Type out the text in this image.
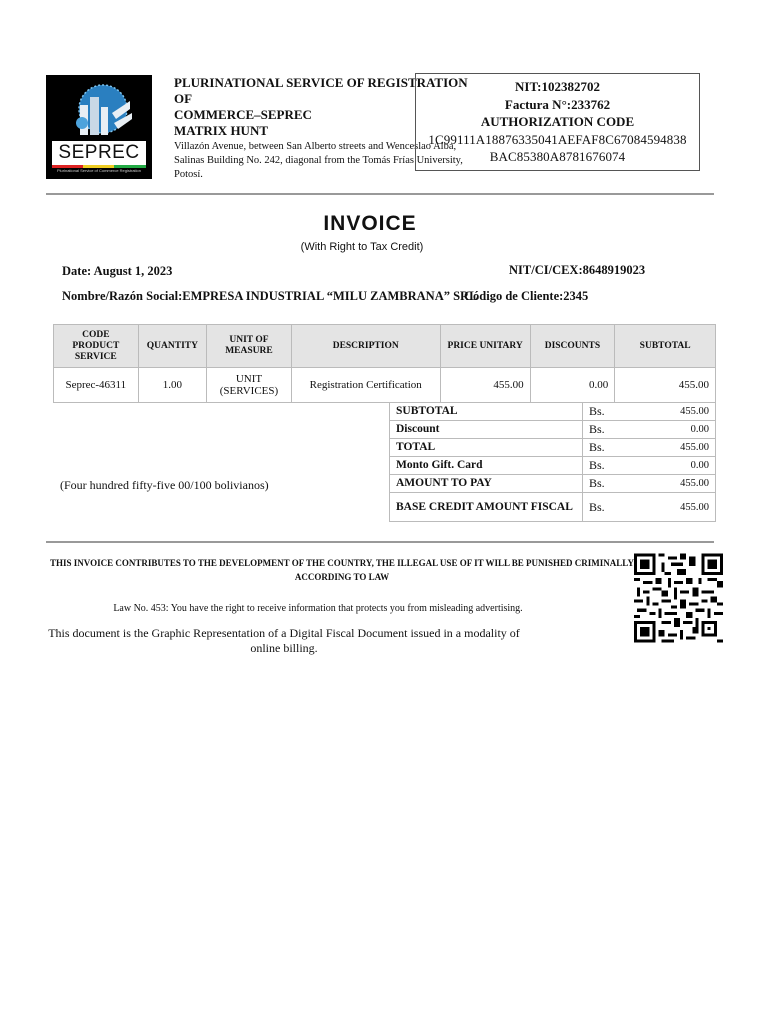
SEPREC
Plurinational Service of Commerce Registration
PLURINATIONAL SERVICE OF REGISTRATION OF
COMMERCE–SEPREC
MATRIX HUNT
Villazón Avenue, between San Alberto streets and Wenceslao Alba, Salinas Building No. 242, diagonal from the Tomás Frías University, Potosí.
NIT:102382702
Factura N°:233762
AUTHORIZATION CODE
1C99111A18876335041AEFAF8C67084594838
BAC85380A8781676074
INVOICE
(With Right to Tax Credit)
Date: August 1, 2023	NIT/CI/CEX:8648919023
Nombre/Razón Social:EMPRESA INDUSTRIAL “MILU ZAMBRANA” SRL
Código de Cliente:2345
CODE PRODUCT SERVICE	QUANTITY	UNIT OF MEASURE	DESCRIPTION	PRICE UNITARY	DISCOUNTS	SUBTOTAL
Seprec-46311	1.00	UNIT (SERVICES)	Registration Certification	455.00	0.00	455.00
SUBTOTAL	Bs.	455.00
Discount	Bs.	0.00
TOTAL	Bs.	455.00
Monto Gift. Card	Bs.	0.00
AMOUNT TO PAY	Bs.	455.00
BASE CREDIT AMOUNT FISCAL	Bs.	455.00
(Four hundred fifty-five 00/100 bolivianos)
THIS INVOICE CONTRIBUTES TO THE DEVELOPMENT OF THE COUNTRY, THE ILLEGAL USE OF IT WILL BE PUNISHED CRIMINALLY ACCORDING TO LAW
Law No. 453: You have the right to receive information that protects you from misleading advertising.
This document is the Graphic Representation of a Digital Fiscal Document issued in a modality of online billing.
